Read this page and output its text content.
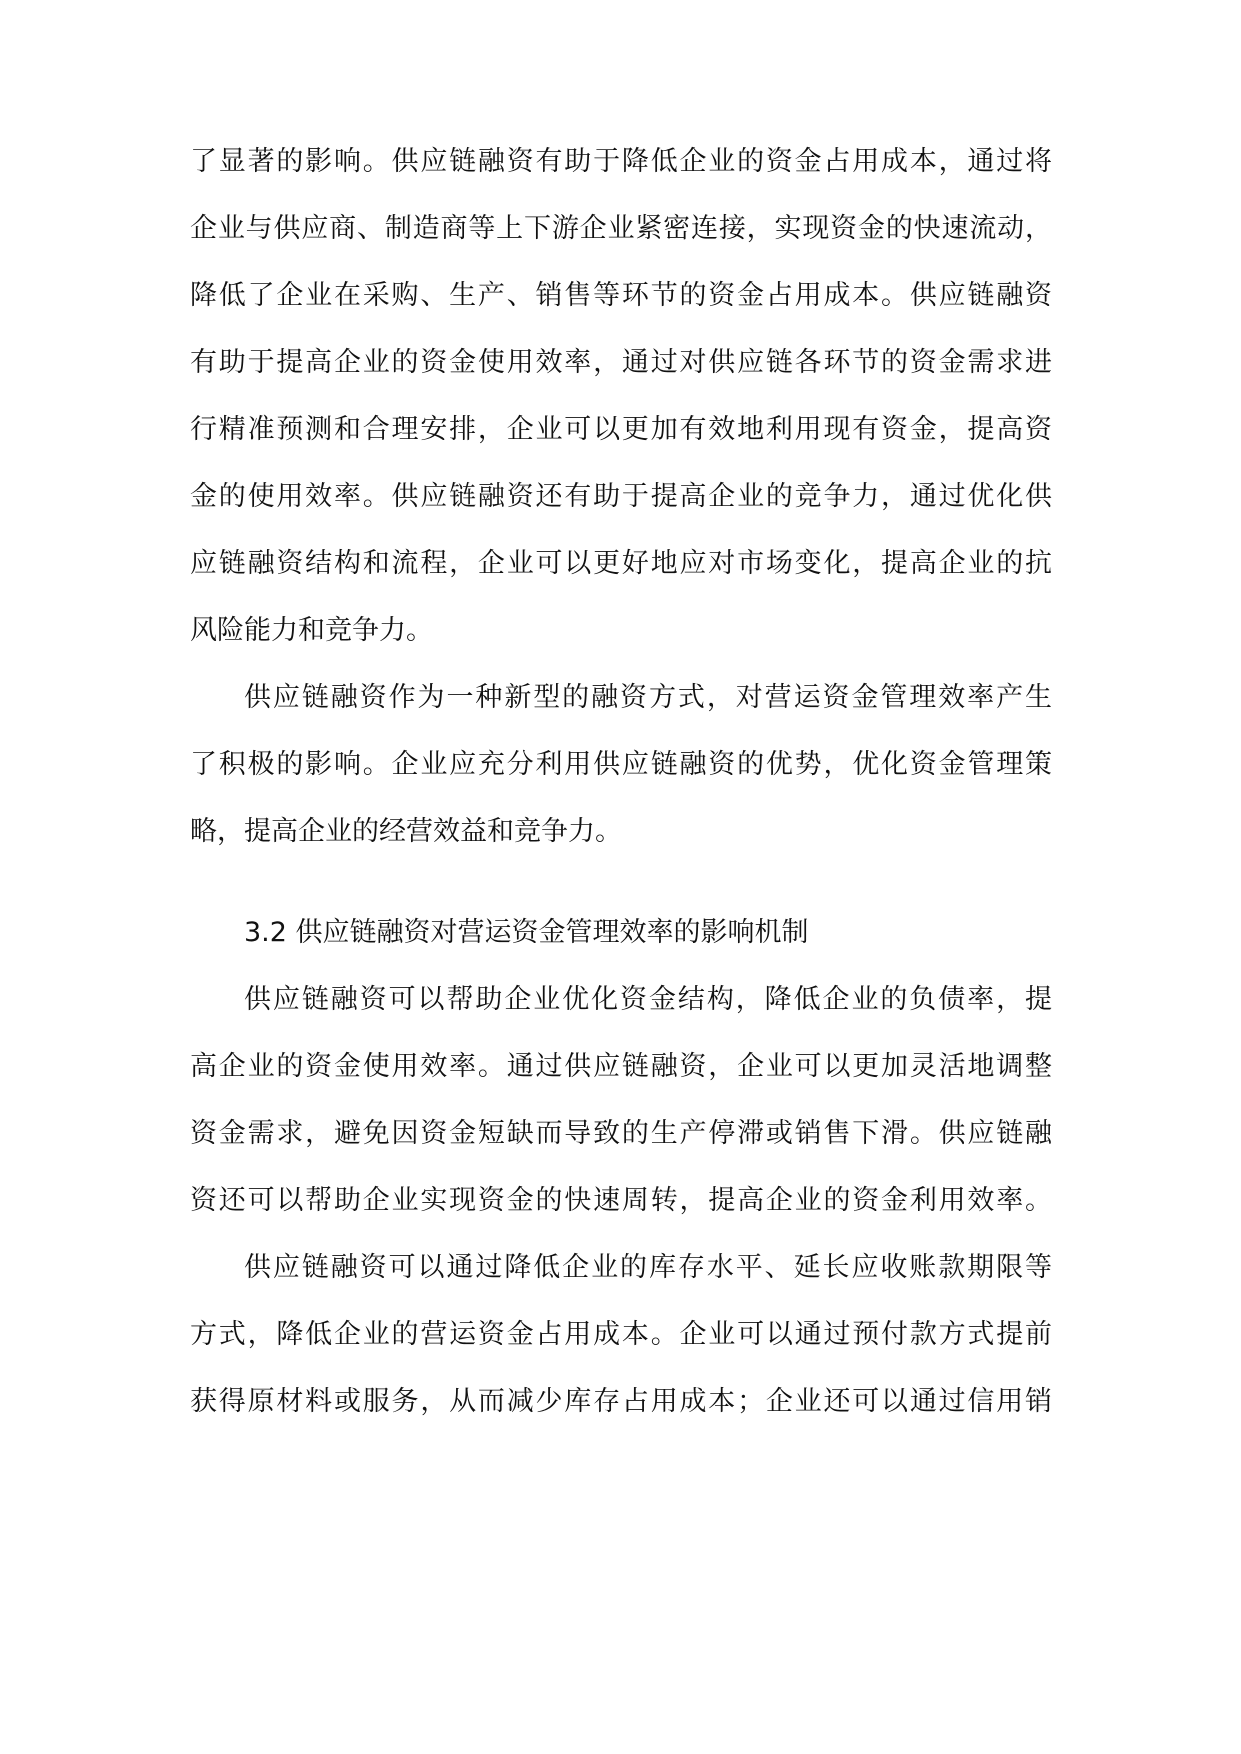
了显著的影响。供应链融资有助于降低企业的资金占用成本，通过将
企业与供应商、制造商等上下游企业紧密连接，实现资金的快速流动，
降低了企业在采购、生产、销售等环节的资金占用成本。供应链融资
有助于提高企业的资金使用效率，通过对供应链各环节的资金需求进
行精准预测和合理安排，企业可以更加有效地利用现有资金，提高资
金的使用效率。供应链融资还有助于提高企业的竞争力，通过优化供
应链融资结构和流程，企业可以更好地应对市场变化，提高企业的抗
风险能力和竞争力。
供应链融资作为一种新型的融资方式，对营运资金管理效率产生
了积极的影响。企业应充分利用供应链融资的优势，优化资金管理策
略，提高企业的经营效益和竞争力。
3.2 供应链融资对营运资金管理效率的影响机制
供应链融资可以帮助企业优化资金结构，降低企业的负债率，提
高企业的资金使用效率。通过供应链融资，企业可以更加灵活地调整
资金需求，避免因资金短缺而导致的生产停滞或销售下滑。供应链融
资还可以帮助企业实现资金的快速周转，提高企业的资金利用效率。
供应链融资可以通过降低企业的库存水平、延长应收账款期限等
方式，降低企业的营运资金占用成本。企业可以通过预付款方式提前
获得原材料或服务，从而减少库存占用成本；企业还可以通过信用销
